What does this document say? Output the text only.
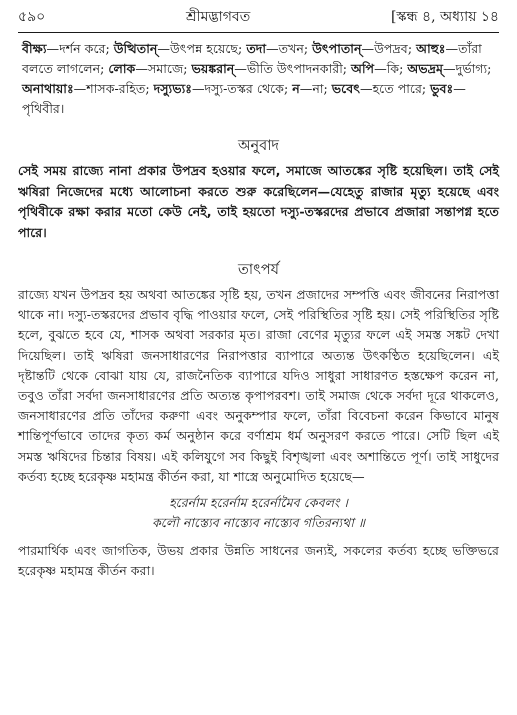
৫৯০	শ্রীমদ্ভাগবত	[স্কন্ধ ৪, অধ্যায় ১৪

বীক্ষ্য—দর্শন করে; উত্থিতান্—উৎপন্ন হয়েছে; তদা—তখন; উৎপাতান্—উপদ্রব; আহুঃ—তাঁরা বলতে লাগলেন; লোক—সমাজে; ভয়ঙ্করান্—ভীতি উৎপাদনকারী; অপি—কি; অভদ্রম্—দুর্ভাগ্য; অনাথায়াঃ—শাসক-রহিত; দস্যুভ্যঃ—দস্যু-তস্কর থেকে; ন—না; ভবেৎ—হতে পারে; ভুবঃ—পৃথিবীর।

অনুবাদ

সেই সময় রাজ্যে নানা প্রকার উপদ্রব হওয়ার ফলে, সমাজে আতঙ্কের সৃষ্টি হয়েছিল। তাই সেই ঋষিরা নিজেদের মধ্যে আলোচনা করতে শুরু করেছিলেন—যেহেতু রাজার মৃত্যু হয়েছে এবং পৃথিবীকে রক্ষা করার মতো কেউ নেই, তাই হয়তো দস্যু-তস্করদের প্রভাবে প্রজারা সন্তাপগ্ন হতে পারে।

তাৎপর্য

রাজ্যে যখন উপদ্রব হয় অথবা আতঙ্কের সৃষ্টি হয়, তখন প্রজাদের সম্পত্তি এবং জীবনের নিরাপত্তা থাকে না। দস্যু-তস্করদের প্রভাব বৃদ্ধি পাওয়ার ফলে, সেই পরিস্থিতির সৃষ্টি হয়। সেই পরিস্থিতির সৃষ্টি হলে, বুঝতে হবে যে, শাসক অথবা সরকার মৃত। রাজা বেণের মৃত্যুর ফলে এই সমস্ত সঙ্কট দেখা দিয়েছিল। তাই ঋষিরা জনসাধারণের নিরাপত্তার ব্যাপারে অত্যন্ত উৎকণ্ঠিত হয়েছিলেন। এই দৃষ্টান্তটি থেকে বোঝা যায় যে, রাজনৈতিক ব্যাপারে যদিও সাধুরা সাধারণত হস্তক্ষেপ করেন না, তবুও তাঁরা সর্বদা জনসাধারণের প্রতি অত্যন্ত কৃপাপরবশ। তাই সমাজ থেকে সর্বদা দূরে থাকলেও, জনসাধারণের প্রতি তাঁদের করুণা এবং অনুকম্পার ফলে, তাঁরা বিবেচনা করেন কিভাবে মানুষ শান্তিপূর্ণভাবে তাদের কৃত্য কর্ম অনুষ্ঠান করে বর্ণাশ্রম ধর্ম অনুসরণ করতে পারে। সেটি ছিল এই সমস্ত ঋষিদের চিন্তার বিষয়। এই কলিযুগে সব কিছুই বিশৃঙ্খলা এবং অশান্তিতে পূর্ণ। তাই সাধুদের কর্তব্য হচ্ছে হরেকৃষ্ণ মহামন্ত্র কীর্তন করা, যা শাস্ত্রে অনুমোদিত হয়েছে—

হরের্নাম হরের্নাম হরের্নামৈব কেবলং ।
কলৌ নাস্ত্যেব নাস্ত্যেব নাস্ত্যেব গতিরন্যথা ॥

পারমার্থিক এবং জাগতিক, উভয় প্রকার উন্নতি সাধনের জন্যই, সকলের কর্তব্য হচ্ছে ভক্তিভরে হরেকৃষ্ণ মহামন্ত্র কীর্তন করা।
